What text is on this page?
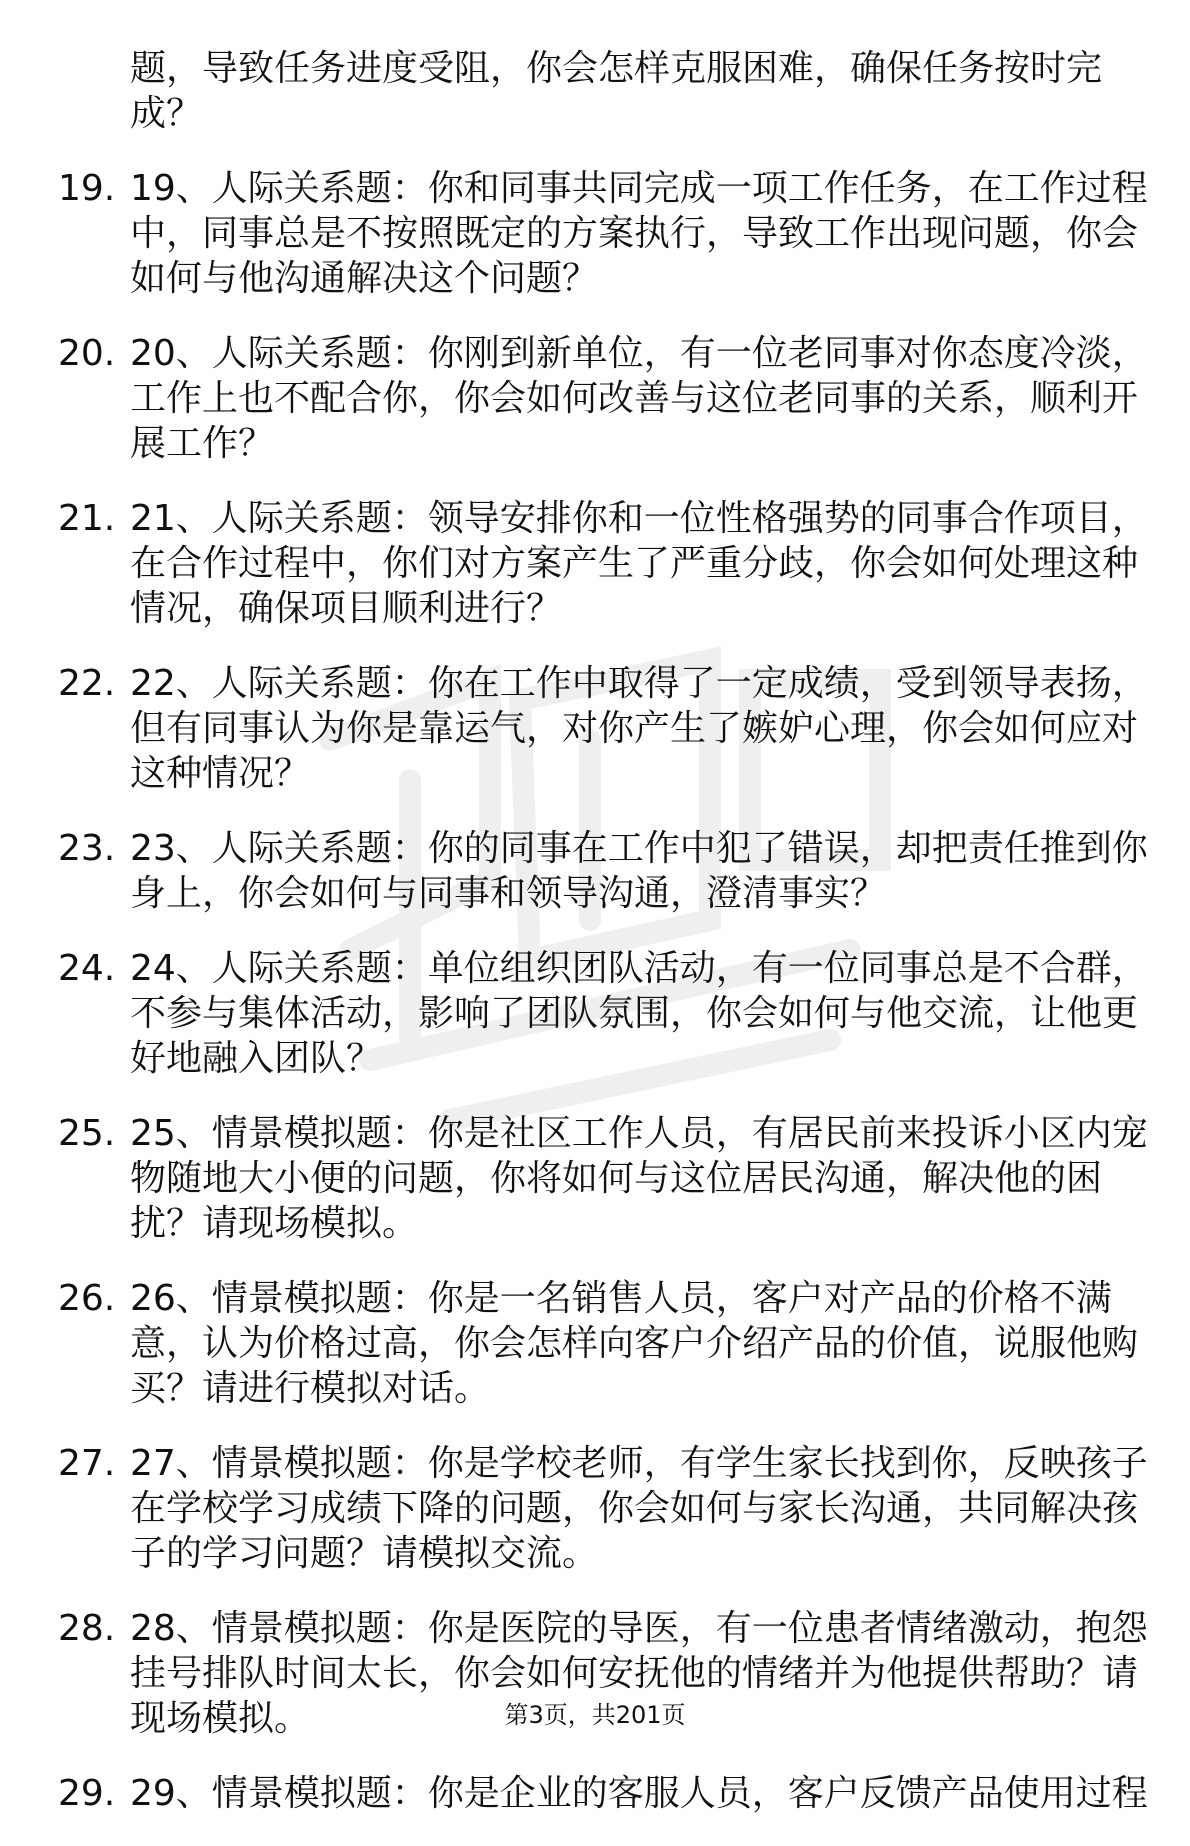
题，导致任务进度受阻，你会怎样克服困难，确保任务按时完成？
19. 19、人际关系题：你和同事共同完成一项工作任务，在工作过程中，同事总是不按照既定的方案执行，导致工作出现问题，你会如何与他沟通解决这个问题？
20. 20、人际关系题：你刚到新单位，有一位老同事对你态度冷淡，工作上也不配合你，你会如何改善与这位老同事的关系，顺利开展工作？
21. 21、人际关系题：领导安排你和一位性格强势的同事合作项目，在合作过程中，你们对方案产生了严重分歧，你会如何处理这种情况，确保项目顺利进行？
22. 22、人际关系题：你在工作中取得了一定成绩，受到领导表扬，但有同事认为你是靠运气，对你产生了嫉妒心理，你会如何应对这种情况？
23. 23、人际关系题：你的同事在工作中犯了错误，却把责任推到你身上，你会如何与同事和领导沟通，澄清事实？
24. 24、人际关系题：单位组织团队活动，有一位同事总是不合群，不参与集体活动，影响了团队氛围，你会如何与他交流，让他更好地融入团队？
25. 25、情景模拟题：你是社区工作人员，有居民前来投诉小区内宠物随地大小便的问题，你将如何与这位居民沟通，解决他的困扰？请现场模拟。
26. 26、情景模拟题：你是一名销售人员，客户对产品的价格不满意，认为价格过高，你会怎样向客户介绍产品的价值，说服他购买？请进行模拟对话。
27. 27、情景模拟题：你是学校老师，有学生家长找到你，反映孩子在学校学习成绩下降的问题，你会如何与家长沟通，共同解决孩子的学习问题？请模拟交流。
28. 28、情景模拟题：你是医院的导医，有一位患者情绪激动，抱怨挂号排队时间太长，你会如何安抚他的情绪并为他提供帮助？请现场模拟。
29. 29、情景模拟题：你是企业的客服人员，客户反馈产品使用过程
第3页，共201页
